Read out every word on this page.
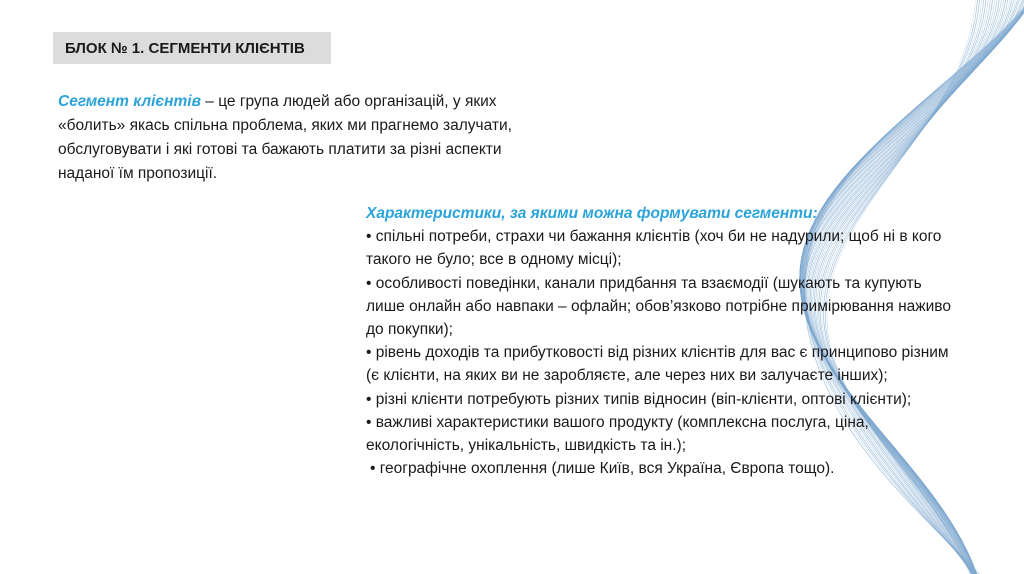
БЛОК № 1. СЕГМЕНТИ КЛІЄНТІВ
Сегмент клієнтів – це група людей або організацій, у яких «болить» якась спільна проблема, яких ми прагнемо залучати, обслуговувати і які готові та бажають платити за різні аспекти наданої їм пропозиції.

Характеристики, за якими можна формувати сегменти:

• спільні потреби, страхи чи бажання клієнтів (хоч би не надурили; щоб ні в кого такого не було; все в одному місці);

• особливості поведінки, канали придбання та взаємодії (шукають та купують лише онлайн або навпаки ‒ офлайн; обов’язково потрібне примірювання наживо до покупки);

• рівень доходів та прибутковості від різних клієнтів для вас є принципово різним (є клієнти, на яких ви не заробляєте, але через них ви залучаєте інших);

• різні клієнти потребують різних типів відносин (віп-клієнти, оптові клієнти);

• важливі характеристики вашого продукту (комплексна послуга, ціна, екологічність, унікальність, швидкість та ін.);

• географічне охоплення (лише Київ, вся Україна, Європа тощо).
